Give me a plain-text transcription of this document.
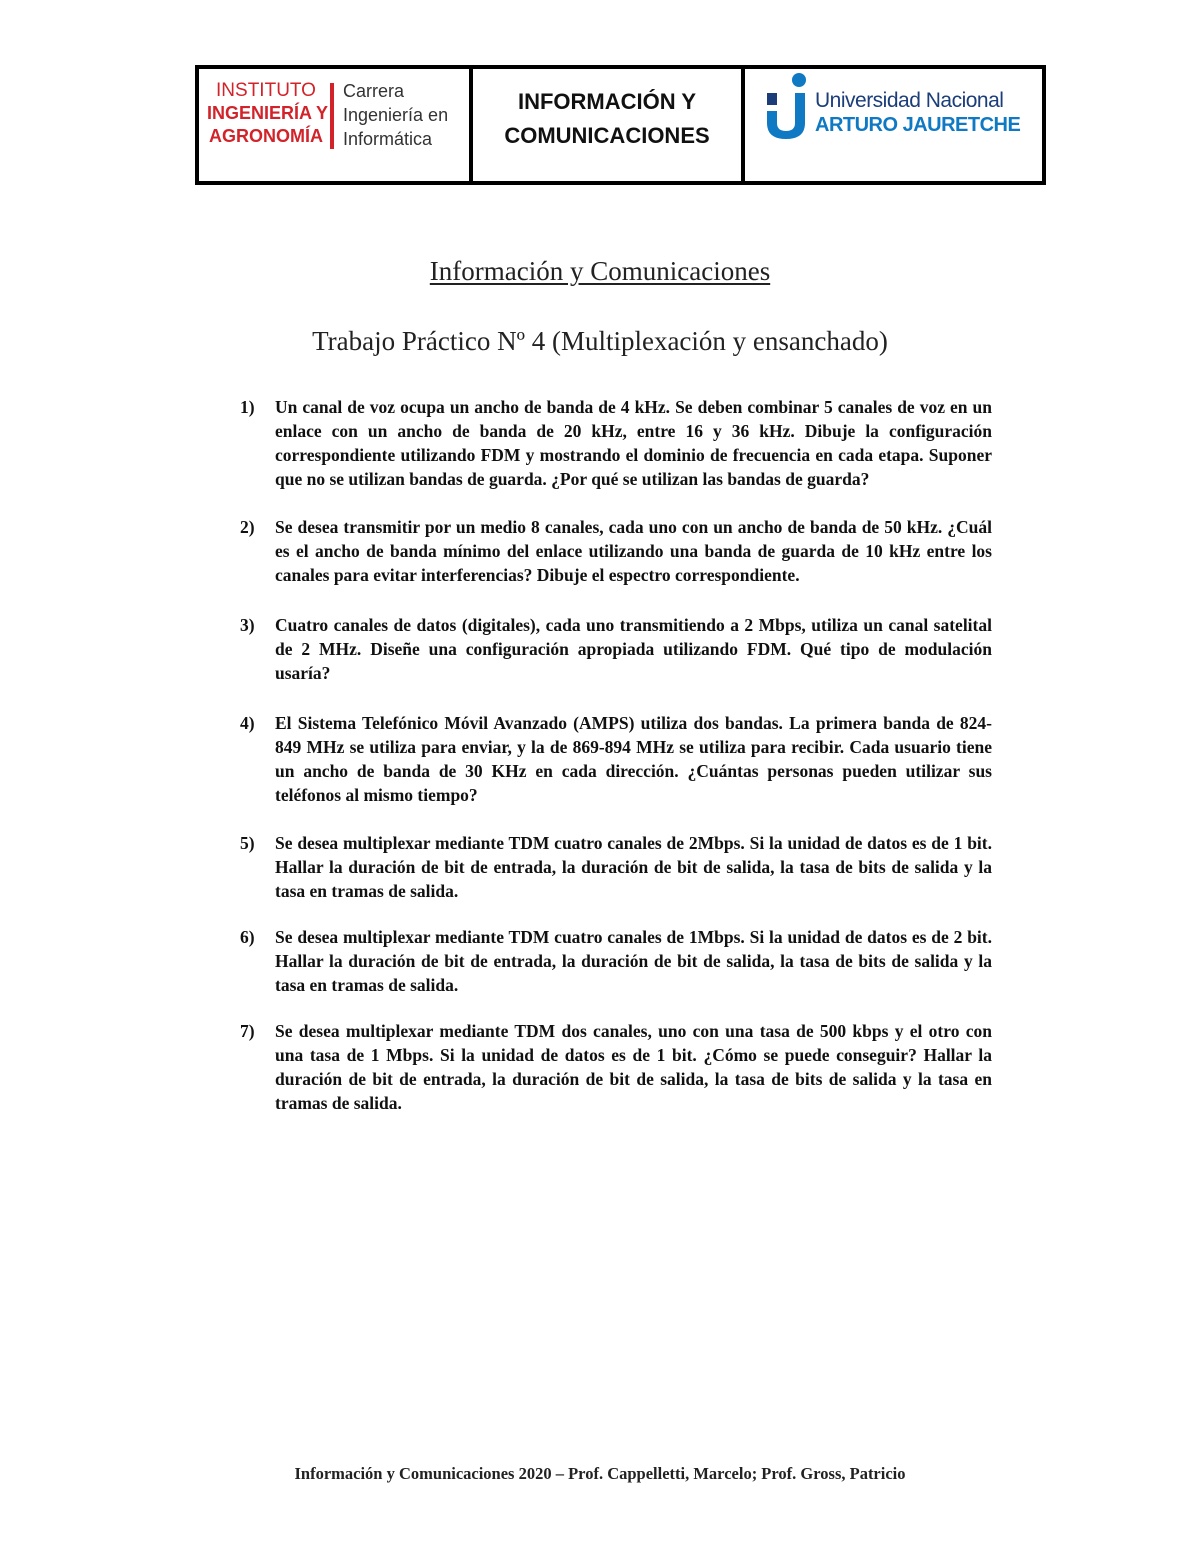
INSTITUTO
INGENIERÍA Y
AGRONOMÍA
Carrera
Ingeniería en
Informática
INFORMACIÓN Y
COMUNICACIONES
Universidad Nacional
ARTURO JAURETCHE
Información y Comunicaciones
Trabajo Práctico Nº 4 (Multiplexación y ensanchado)
1) Un canal de voz ocupa un ancho de banda de 4 kHz. Se deben combinar 5 canales de voz en un enlace con un ancho de banda de 20 kHz, entre 16 y 36 kHz. Dibuje la configuración correspondiente utilizando FDM y mostrando el dominio de frecuencia en cada etapa. Suponer que no se utilizan bandas de guarda. ¿Por qué se utilizan las bandas de guarda?
2) Se desea transmitir por un medio 8 canales, cada uno con un ancho de banda de 50 kHz. ¿Cuál es el ancho de banda mínimo del enlace utilizando una banda de guarda de 10 kHz entre los canales para evitar interferencias? Dibuje el espectro correspondiente.
3) Cuatro canales de datos (digitales), cada uno transmitiendo a 2 Mbps, utiliza un canal satelital de 2 MHz. Diseñe una configuración apropiada utilizando FDM. Qué tipo de modulación usaría?
4) El Sistema Telefónico Móvil Avanzado (AMPS) utiliza dos bandas. La primera banda de 824-849 MHz se utiliza para enviar, y la de 869-894 MHz se utiliza para recibir. Cada usuario tiene un ancho de banda de 30 KHz en cada dirección. ¿Cuántas personas pueden utilizar sus teléfonos al mismo tiempo?
5) Se desea multiplexar mediante TDM cuatro canales de 2Mbps. Si la unidad de datos es de 1 bit. Hallar la duración de bit de entrada, la duración de bit de salida, la tasa de bits de salida y la tasa en tramas de salida.
6) Se desea multiplexar mediante TDM cuatro canales de 1Mbps. Si la unidad de datos es de 2 bit. Hallar la duración de bit de entrada, la duración de bit de salida, la tasa de bits de salida y la tasa en tramas de salida.
7) Se desea multiplexar mediante TDM dos canales, uno con una tasa de 500 kbps y el otro con una tasa de 1 Mbps. Si la unidad de datos es de 1 bit. ¿Cómo se puede conseguir? Hallar la duración de bit de entrada, la duración de bit de salida, la tasa de bits de salida y la tasa en tramas de salida.
Información y Comunicaciones 2020 – Prof. Cappelletti, Marcelo; Prof. Gross, Patricio
